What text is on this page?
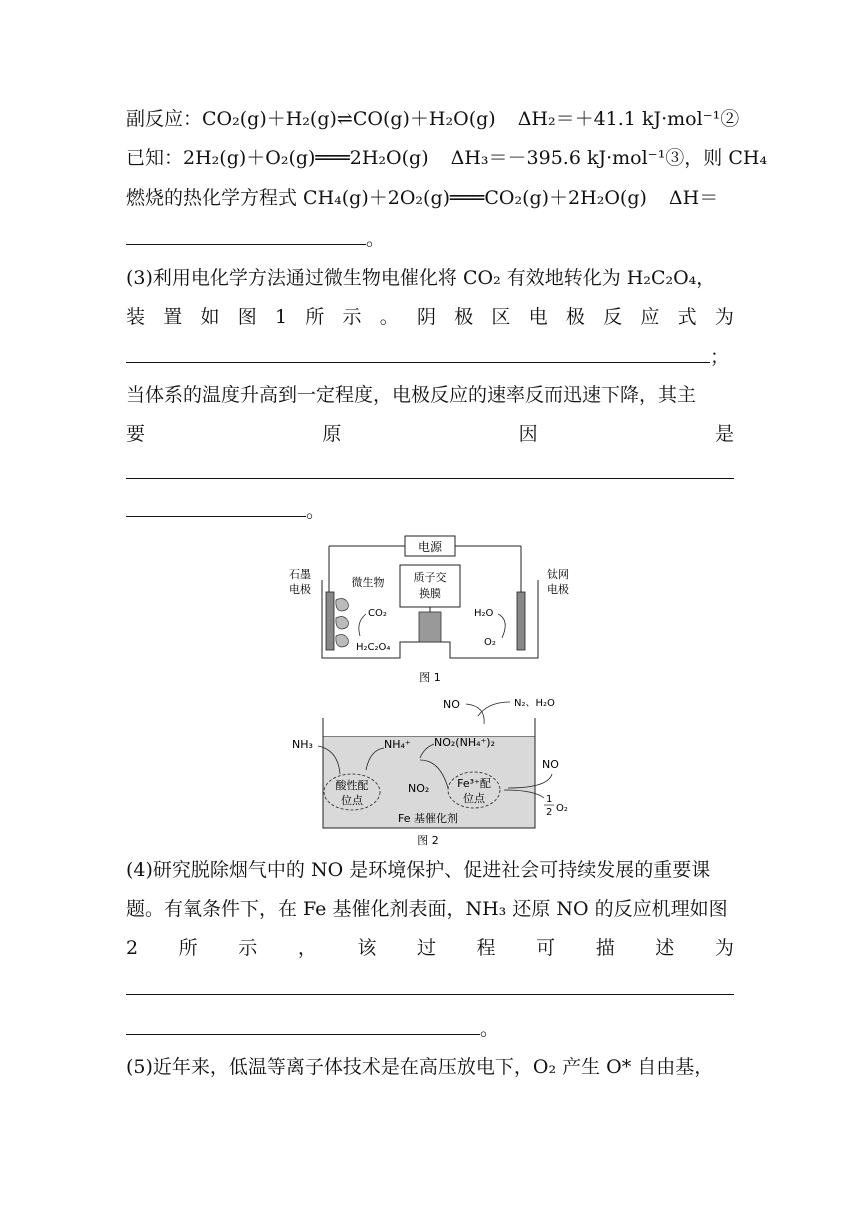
副反应：CO₂(g)＋H₂(g)⇌CO(g)＋H₂O(g) ΔH₂＝＋41.1 kJ·mol⁻¹②
已知：2H₂(g)＋O₂(g)═══2H₂O(g) ΔH₃＝－395.6 kJ·mol⁻¹③，则 CH₄
燃烧的热化学方程式 CH₄(g)＋2O₂(g)═══CO₂(g)＋2H₂O(g) ΔH＝
。
(3)利用电化学方法通过微生物电催化将 CO₂ 有效地转化为 H₂C₂O₄，
装 置 如 图 1 所 示 。 阴 极 区 电 极 反 应 式 为
；
当体系的温度升高到一定程度，电极反应的速率反而迅速下降，其主
要	原	因	是
。
电源
质子交
换膜
石墨
电极
微生物
CO₂
H₂C₂O₄
钛网
电极
H₂O
O₂
图 1
Fe 基催化剂
NO	N₂、H₂O
NH₃	NH₄⁺ NO₂(NH₄⁺)₂
酸性配
位点
NO₂	Fe³⁺配
位点
NO
1
2 O₂
图 2
(4)研究脱除烟气中的 NO 是环境保护、促进社会可持续发展的重要课
题。有氧条件下，在 Fe 基催化剂表面，NH₃ 还原 NO 的反应机理如图
2 所 示 ， 该 过 程 可 描 述 为
。
(5)近年来，低温等离子体技术是在高压放电下，O₂ 产生 O* 自由基，
